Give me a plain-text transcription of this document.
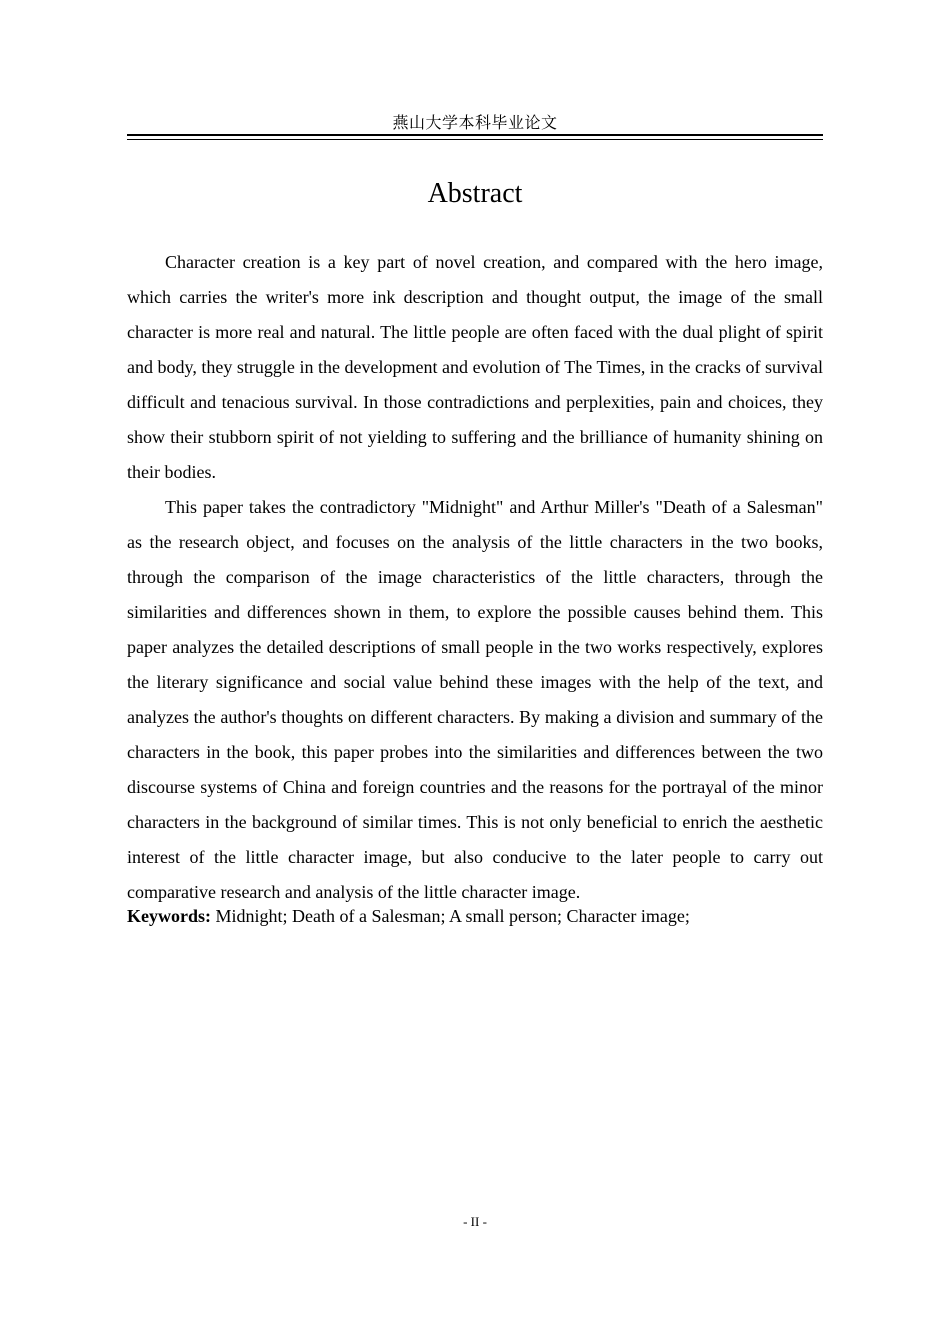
燕山大学本科毕业论文
Abstract

Character creation is a key part of novel creation, and compared with the hero image, which carries the writer's more ink description and thought output, the image of the small character is more real and natural. The little people are often faced with the dual plight of spirit and body, they struggle in the development and evolution of The Times, in the cracks of survival difficult and tenacious survival. In those contradictions and perplexities, pain and choices, they show their stubborn spirit of not yielding to suffering and the brilliance of humanity shining on their bodies.

This paper takes the contradictory "Midnight" and Arthur Miller's "Death of a Salesman" as the research object, and focuses on the analysis of the little characters in the two books, through the comparison of the image characteristics of the little characters, through the similarities and differences shown in them, to explore the possible causes behind them. This paper analyzes the detailed descriptions of small people in the two works respectively, explores the literary significance and social value behind these images with the help of the text, and analyzes the author's thoughts on different characters. By making a division and summary of the characters in the book, this paper probes into the similarities and differences between the two discourse systems of China and foreign countries and the reasons for the portrayal of the minor characters in the background of similar times. This is not only beneficial to enrich the aesthetic interest of the little character image, but also conducive to the later people to carry out comparative research and analysis of the little character image.

Keywords: Midnight; Death of a Salesman; A small person; Character image;

- II -
